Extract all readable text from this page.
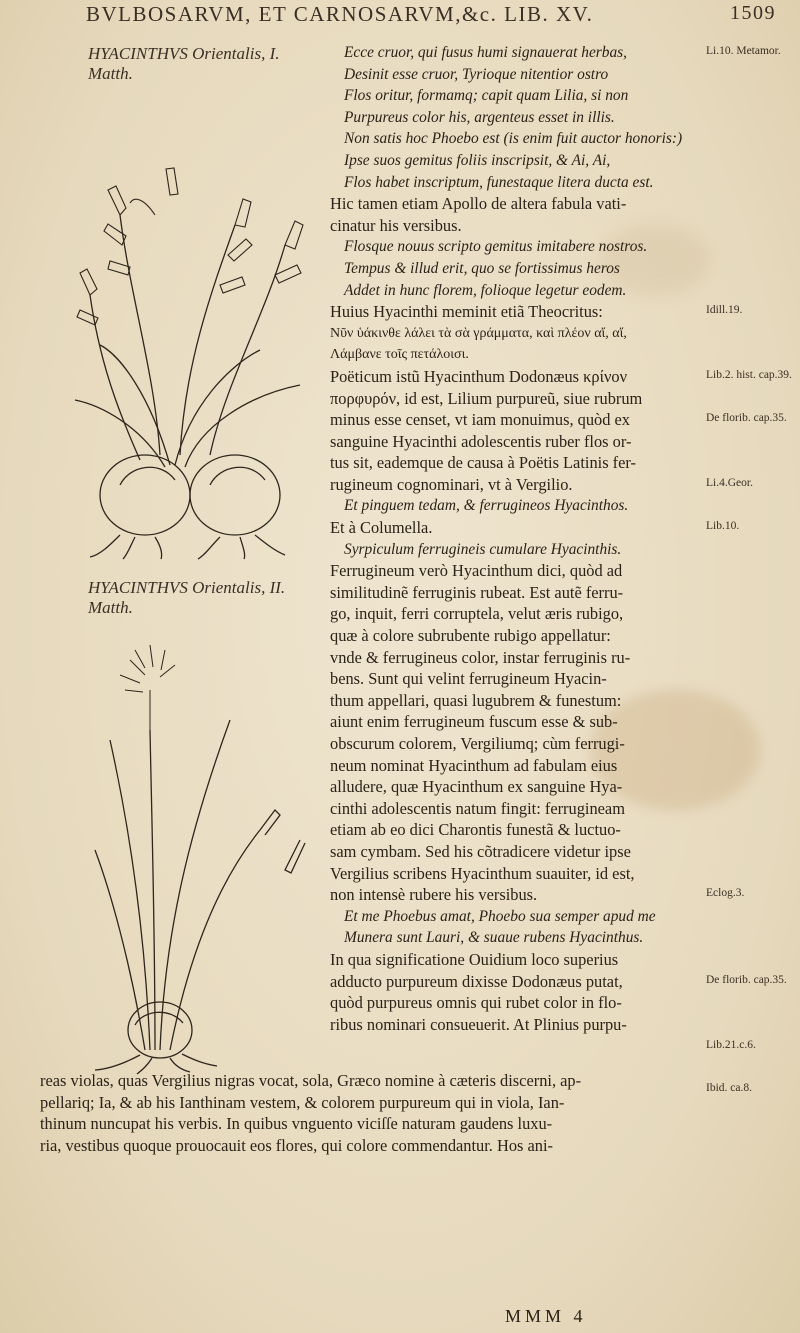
BVLBOSARVM, ET CARNOSARVM,&c. LIB. XV.	1509
HYACINTHVS Orientalis, I. Matth.
HYACINTHVS Orientalis, II. Matth.
Ecce cruor, qui fusus humi signauerat herbas,
Desinit esse cruor, Tyrioque nitentior ostro
Flos oritur, formamq; capit quam Lilia, si non
Purpureus color his, argenteus esset in illis.
Non satis hoc Phoebo est (is enim fuit auctor honoris:)
Ipse suos gemitus foliis inscripsit, & Ai, Ai,
Flos habet inscriptum, funestaque litera ducta est.
Hic tamen etiam Apollo de altera fabula vati-
cinatur his versibus.
Flosque nouus scripto gemitus imitabere nostros.
Tempus & illud erit, quo se fortissimus heros
Addet in hunc florem, folioque legetur eodem.
Huius Hyacinthi meminit etiã Theocritus:
Νῦν ὑάκινθε λάλει τὰ σὰ γράμματα, καὶ πλέον αἴ, αἴ,
Λάμβανε τοῖς πετάλοισι.
Poëticum istũ Hyacinthum Dodonæus κρίνον
πορφυρόν, id est, Lilium purpureũ, siue rubrum
minus esse censet, vt iam monuimus, quòd ex
sanguine Hyacinthi adolescentis ruber flos or-
tus sit, eademque de causa à Poëtis Latinis fer-
rugineum cognominari, vt à Vergilio.
Et pinguem tedam, & ferrugineos Hyacinthos.
Et à Columella.
Syrpiculum ferrugineis cumulare Hyacinthis.
Ferrugineum verò Hyacinthum dici, quòd ad
similitudinẽ ferruginis rubeat. Est autẽ ferru-
go, inquit, ferri corruptela, velut æris rubigo,
quæ à colore subrubente rubigo appellatur:
vnde & ferrugineus color, instar ferruginis ru-
bens. Sunt qui velint ferrugineum Hyacin-
thum appellari, quasi lugubrem & funestum:
aiunt enim ferrugineum fuscum esse & sub-
obscurum colorem, Vergiliumq; cùm ferrugi-
neum nominat Hyacinthum ad fabulam eius
alludere, quæ Hyacinthum ex sanguine Hya-
cinthi adolescentis natum fingit: ferrugineam
etiam ab eo dici Charontis funestã & luctuo-
sam cymbam. Sed his cõtradicere videtur ipse
Vergilius scribens Hyacinthum suauiter, id est,
non intensè rubere his versibus.
Et me Phoebus amat, Phoebo sua semper apud me
Munera sunt Lauri, & suaue rubens Hyacinthus.
In qua significatione Ouidium loco superius
adducto purpureum dixisse Dodonæus putat,
quòd purpureus omnis qui rubet color in flo-
ribus nominari consueuerit. At Plinius purpu-
reas violas, quas Vergilius nigras vocat, sola, Græco nomine à cæteris discerni, ap-
pellariq; Ia, & ab his Ianthinam vestem, & colorem purpureum qui in viola, Ian-
thinum nuncupat his verbis. In quibus vnguento viciſſe naturam gaudens luxu-
ria, vestibus quoque prouocauit eos flores, qui colore commendantur. Hos ani-
MMM 4
Li.10. Metamor.
Idill.19.
Lib.2. hist. cap.39.
De florib. cap.35.
Li.4.Geor.
Lib.10.
Eclog.3.
De florib. cap.35.
Lib.21.c.6.
Ibid. ca.8.
